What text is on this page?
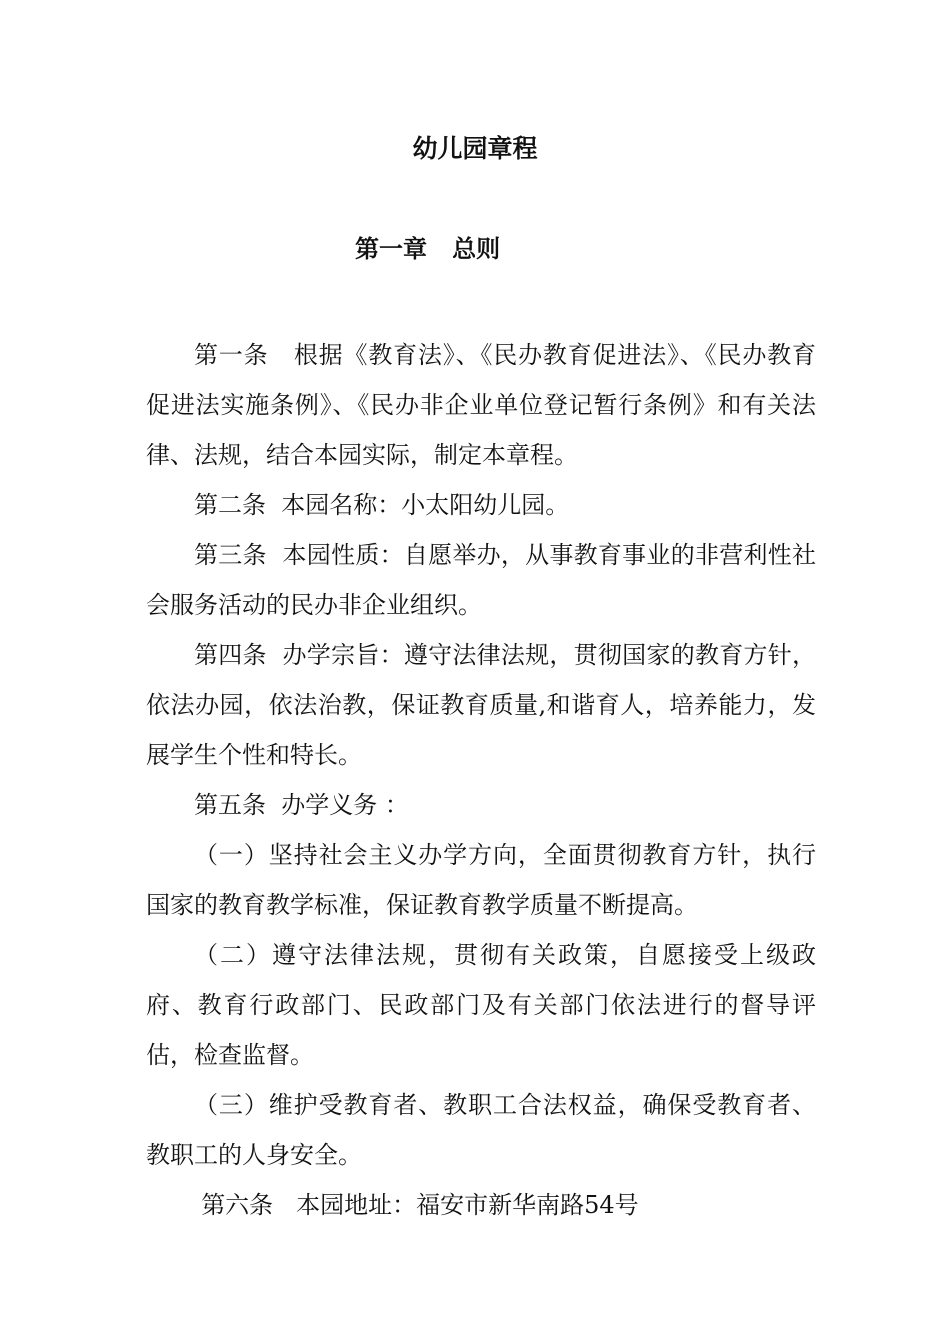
幼儿园章程
第一章   总则

第一条   根据《教育法》、《民办教育促进法》、《民办教育促进法实施条例》、《民办非企业单位登记暂行条例》和有关法律、法规，结合本园实际，制定本章程。

第二条  本园名称：小太阳幼儿园。

第三条  本园性质：自愿举办，从事教育事业的非营利性社会服务活动的民办非企业组织。

第四条  办学宗旨：遵守法律法规，贯彻国家的教育方针，依法办园，依法治教，保证教育质量,和谐育人，培养能力，发展学生个性和特长。

第五条  办学义务 ：

（一）坚持社会主义办学方向，全面贯彻教育方针，执行国家的教育教学标准，保证教育教学质量不断提高。

（二）遵守法律法规，贯彻有关政策，自愿接受上级政府、教育行政部门、民政部门及有关部门依法进行的督导评估，检查监督。

（三）维护受教育者、教职工合法权益，确保受教育者、教职工的人身安全。

第六条   本园地址：福安市新华南路54号
